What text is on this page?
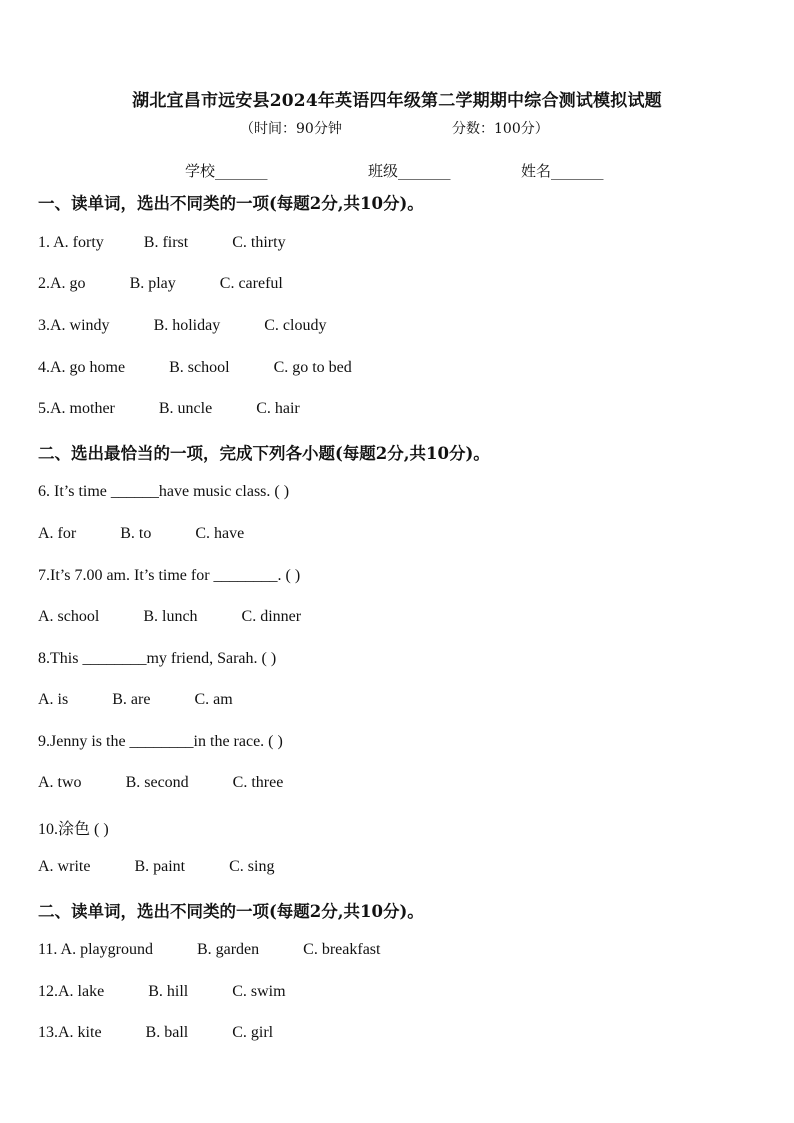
湖北宜昌市远安县2024年英语四年级第二学期期中综合测试模拟试题
（时间：90分钟	分数：100分）
学校_______	班级_______	姓名_______
一、读单词，选出不同类的一项(每题2分,共10分)。
1. A. forty	B. first	C. thirty
2.A. go	B. play	C. careful
3.A. windy	B. holiday	C. cloudy
4.A. go home	B. school	C. go to bed
5.A. mother	B. uncle	C. hair
二、选出最恰当的一项，完成下列各小题(每题2分,共10分)。
6. It’s time ______have music class. ( )
A. for	B. to	C. have
7.It’s 7.00 am. It’s time for ________. ( )
A. school	B. lunch	C. dinner
8.This ________my friend, Sarah. ( )
A. is	B. are	C. am
9.Jenny is the ________in the race. ( )
A. two	B. second	C. three
10.涂色 ( )
A. write	B. paint	C. sing
二、读单词，选出不同类的一项(每题2分,共10分)。
11. A. playground	B. garden	C. breakfast
12.A. lake	B. hill	C. swim
13.A. kite	B. ball	C. girl
